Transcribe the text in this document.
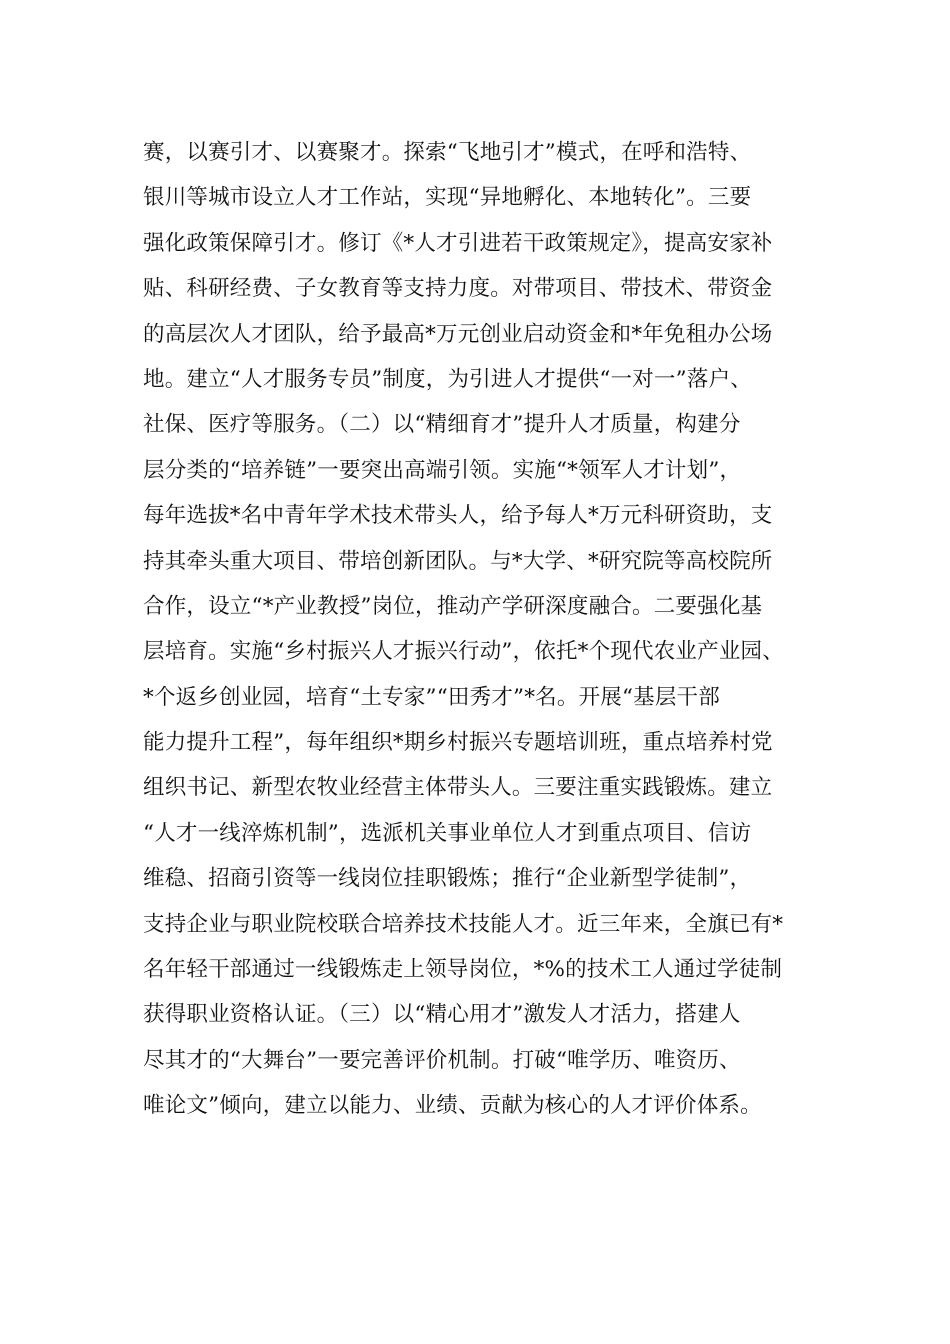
赛，以赛引才、以赛聚才。探索“飞地引才”模式，在呼和浩特、
银川等城市设立人才工作站，实现“异地孵化、本地转化”。三要
强化政策保障引才。修订《*人才引进若干政策规定》，提高安家补
贴、科研经费、子女教育等支持力度。对带项目、带技术、带资金
的高层次人才团队，给予最高*万元创业启动资金和*年免租办公场
地。建立“人才服务专员”制度，为引进人才提供“一对一”落户、
社保、医疗等服务。（二）以“精细育才”提升人才质量，构建分
层分类的“培养链”一要突出高端引领。实施“*领军人才计划”，
每年选拔*名中青年学术技术带头人，给予每人*万元科研资助，支
持其牵头重大项目、带培创新团队。与*大学、*研究院等高校院所
合作，设立“*产业教授”岗位，推动产学研深度融合。二要强化基
层培育。实施“乡村振兴人才振兴行动”，依托*个现代农业产业园、
*个返乡创业园，培育“土专家”“田秀才”*名。开展“基层干部
能力提升工程”，每年组织*期乡村振兴专题培训班，重点培养村党
组织书记、新型农牧业经营主体带头人。三要注重实践锻炼。建立
“人才一线淬炼机制”，选派机关事业单位人才到重点项目、信访
维稳、招商引资等一线岗位挂职锻炼；推行“企业新型学徒制”，
支持企业与职业院校联合培养技术技能人才。近三年来，全旗已有*
名年轻干部通过一线锻炼走上领导岗位，*%的技术工人通过学徒制
获得职业资格认证。（三）以“精心用才”激发人才活力，搭建人
尽其才的“大舞台”一要完善评价机制。打破“唯学历、唯资历、
唯论文”倾向，建立以能力、业绩、贡献为核心的人才评价体系。
